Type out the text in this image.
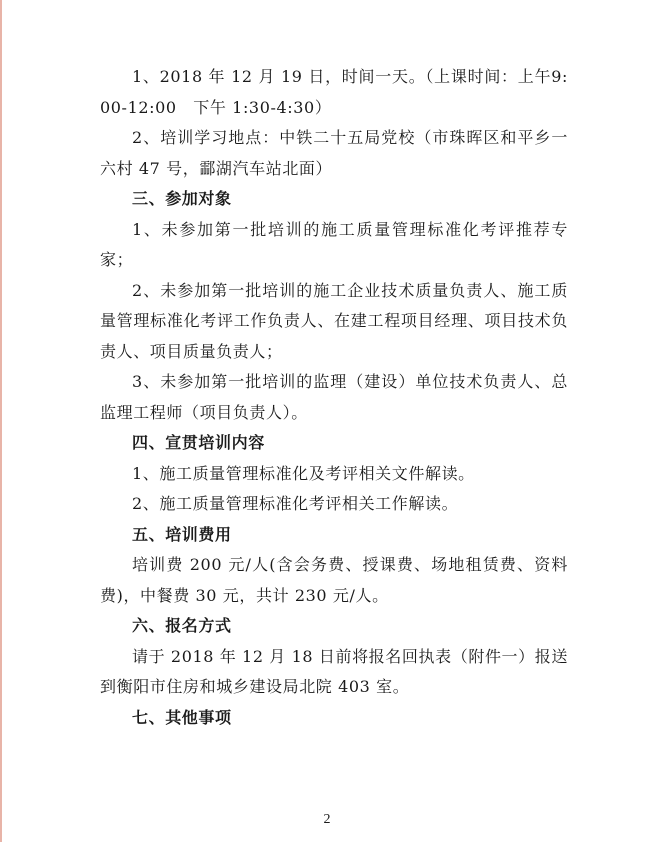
1、2018 年 12 月 19 日，时间一天。（上课时间：上午9:00-12:00　下午 1:30-4:30）

2、培训学习地点：中铁二十五局党校（市珠晖区和平乡一六村 47 号，酃湖汽车站北面）

三、参加对象

1、未参加第一批培训的施工质量管理标准化考评推荐专家；

2、未参加第一批培训的施工企业技术质量负责人、施工质量管理标准化考评工作负责人、在建工程项目经理、项目技术负责人、项目质量负责人；

3、未参加第一批培训的监理（建设）单位技术负责人、总监理工程师（项目负责人）。

四、宣贯培训内容

1、施工质量管理标准化及考评相关文件解读。

2、施工质量管理标准化考评相关工作解读。

五、培训费用

培训费 200 元/人(含会务费、授课费、场地租赁费、资料费)，中餐费 30 元，共计 230 元/人。

六、报名方式

请于 2018 年 12 月 18 日前将报名回执表（附件一）报送到衡阳市住房和城乡建设局北院 403 室。

七、其他事项

2
